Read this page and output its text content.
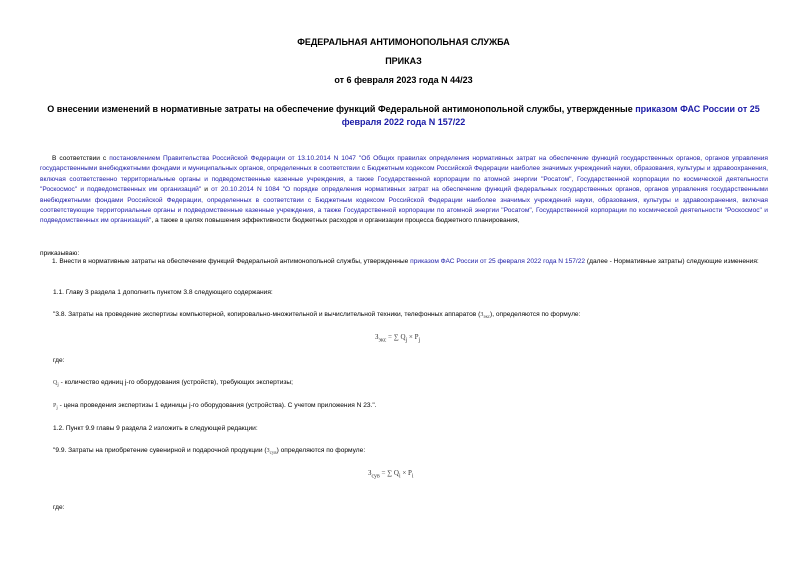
ФЕДЕРАЛЬНАЯ АНТИМОНОПОЛЬНАЯ СЛУЖБА
ПРИКАЗ
от 6 февраля 2023 года N 44/23
О внесении изменений в нормативные затраты на обеспечение функций Федеральной антимонопольной службы, утвержденные приказом ФАС России от 25 февраля 2022 года N 157/22
В соответствии с постановлением Правительства Российской Федерации от 13.10.2014 N 1047 "Об Общих правилах определения нормативных затрат на обеспечение функций государственных органов, органов управления государственными внебюджетными фондами и муниципальных органов, определенных в соответствии с Бюджетным кодексом Российской Федерации наиболее значимых учреждений науки, образования, культуры и здравоохранения, включая соответственно территориальные органы и подведомственные казенные учреждения, а также Государственной корпорации по атомной энергии "Росатом", Государственной корпорации по космической деятельности "Роскосмос" и подведомственных им организаций" и от 20.10.2014 N 1084 "О порядке определения нормативных затрат на обеспечение функций федеральных государственных органов, органов управления государственными внебюджетными фондами Российской Федерации, определенных в соответствии с Бюджетным кодексом Российской Федерации наиболее значимых учреждений науки, образования, культуры и здравоохранения, включая соответствующие территориальные органы и подведомственные казенные учреждения, а также Государственной корпорации по атомной энергии "Росатом", Государственной корпорации по космической деятельности "Роскосмос" и подведомственных им организаций", а также в целях повышения эффективности бюджетных расходов и организации процесса бюджетного планирования,
приказываю:
1. Внести в нормативные затраты на обеспечение функций Федеральной антимонопольной службы, утвержденные приказом ФАС России от 25 февраля 2022 года N 157/22 (далее - Нормативные затраты) следующие изменения:
1.1. Главу 3 раздела 1 дополнить пунктом 3.8 следующего содержания:
"3.8. Затраты на проведение экспертизы компьютерной, копировально-множительной и вычислительной техники, телефонных аппаратов $(З_{экс})$, определяются по формуле:
$З_{экс}$ = ∑ $Q_j \times P_j$
где:
$Q_j$ - количество единиц j-го оборудования (устройств), требующих экспертизы;
$P_j$ - цена проведения экспертизы 1 единицы j-го оборудования (устройства). С учетом приложения N 23.".
1.2. Пункт 9.9 главы 9 раздела 2 изложить в следующей редакции:
"9.9. Затраты на приобретение сувенирной и подарочной продукции $(З_{сув})$ определяются по формуле:
$З_{сув}$ = ∑ $Q_i \times P_i$
где:
